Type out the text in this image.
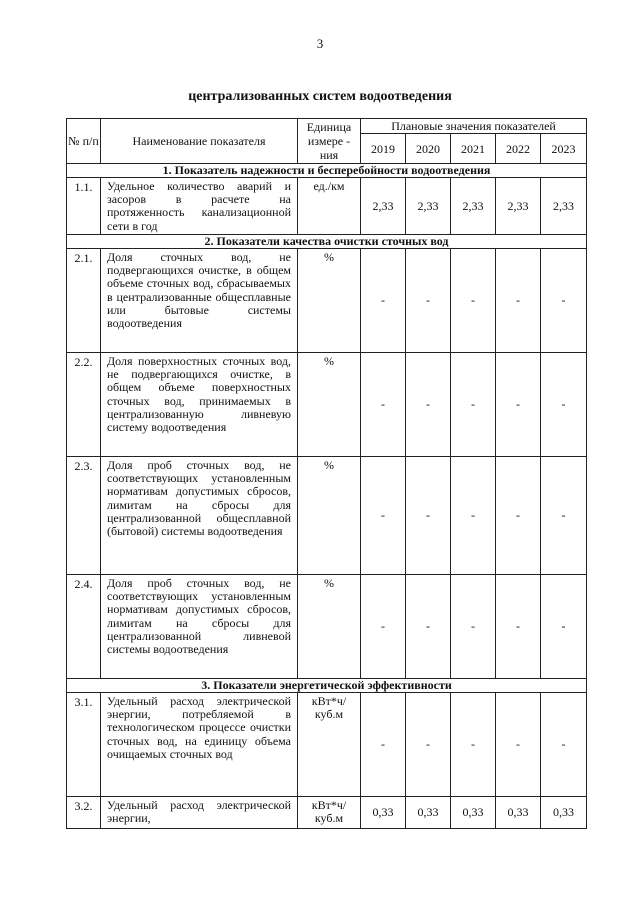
3
централизованных систем водоотведения
№ п/п	Наименование показателя	Единица измере - ния	Плановые значения показателей				
			2019	2020	2021	2022	2023
1. Показатель надежности и бесперебойности водоотведения							
1.1.	Удельное количество аварий и засоров в расчете на протяженность канализационной сети в год	ед./км	2,33	2,33	2,33	2,33	2,33
2. Показатели качества очистки сточных вод							
2.1.	Доля сточных вод, не подвергающихся очистке, в общем объеме сточных вод, сбрасываемых в централизованные общесплавные или бытовые системы водоотведения	%	-	-	-	-	-
2.2.	Доля поверхностных сточных вод, не подвергающихся очистке, в общем объеме поверхностных сточных вод, принимаемых в централизованную ливневую систему водоотведения	%	-	-	-	-	-
2.3.	Доля проб сточных вод, не соответствующих установленным нормативам допустимых сбросов, лимитам на сбросы для централизованной общесплавной (бытовой) системы водоотведения	%	-	-	-	-	-
2.4.	Доля проб сточных вод, не соответствующих установленным нормативам допустимых сбросов, лимитам на сбросы для централизованной ливневой системы водоотведения	%	-	-	-	-	-
3. Показатели энергетической эффективности							
3.1.	Удельный расход электрической энергии, потребляемой в технологическом процессе очистки сточных вод, на единицу объема очищаемых сточных вод	кВт*ч/куб.м	-	-	-	-	-
3.2.	Удельный расход электрической энергии,	кВт*ч/куб.м	0,33	0,33	0,33	0,33	0,33
